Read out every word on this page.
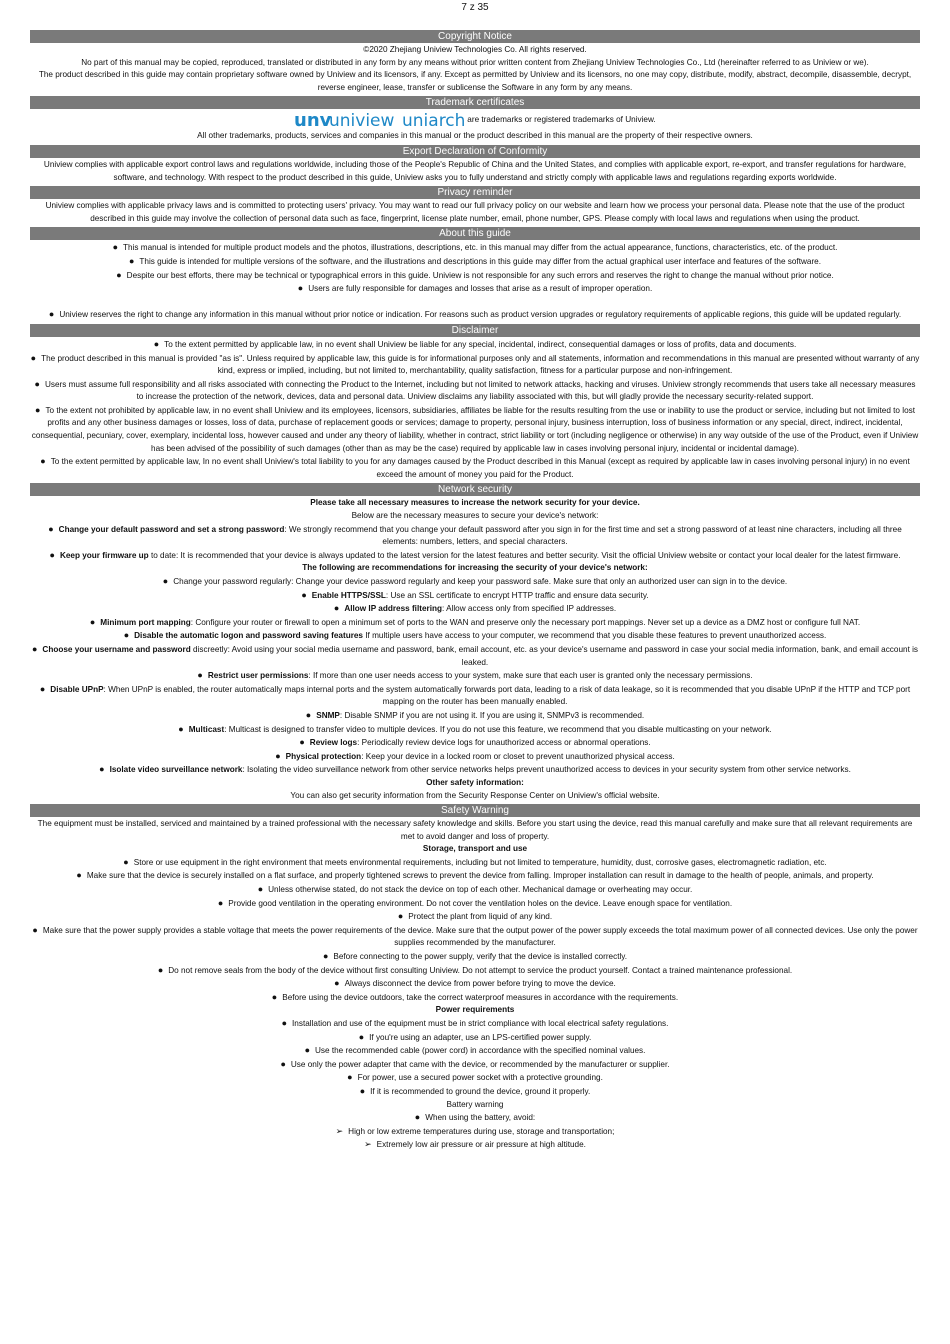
7 z 35
Copyright Notice

©2020 Zhejiang Uniview Technologies Co. All rights reserved.

No part of this manual may be copied, reproduced, translated or distributed in any form by any means without prior written content from Zhejiang Uniview Technologies Co., Ltd (hereinafter referred to as Uniview or we).

The product described in this guide may contain proprietary software owned by Uniview and its licensors, if any. Except as permitted by Uniview and its licensors, no one may copy, distribute, modify, abstract, decompile, disassemble, decrypt, reverse engineer, lease, transfer or sublicense the Software in any form by any means.

Trademark certificates

unv
uniview uniarch are trademarks or registered trademarks of Uniview.

All other trademarks, products, services and companies in this manual or the product described in this manual are the property of their respective owners.

Export Declaration of Conformity

Uniview complies with applicable export control laws and regulations worldwide, including those of the People's Republic of China and the United States, and complies with applicable export, re-export, and transfer regulations for hardware, software, and technology. With respect to the product described in this guide, Uniview asks you to fully understand and strictly comply with applicable laws and regulations regarding exports worldwide.

Privacy reminder

Uniview complies with applicable privacy laws and is committed to protecting users' privacy. You may want to read our full privacy policy on our website and learn how we process your personal data. Please note that the use of the product described in this guide may involve the collection of personal data such as face, fingerprint, license plate number, email, phone number, GPS. Please comply with local laws and regulations when using the product.

About this guide

●  This manual is intended for multiple product models and the photos, illustrations, descriptions, etc. in this manual may differ from the actual appearance, functions, characteristics, etc. of the product.

●  This guide is intended for multiple versions of the software, and the illustrations and descriptions in this guide may differ from the actual graphical user interface and features of the software.

●  Despite our best efforts, there may be technical or typographical errors in this guide. Uniview is not responsible for any such errors and reserves the right to change the manual without prior notice.

●  Users are fully responsible for damages and losses that arise as a result of improper operation.

●  Uniview reserves the right to change any information in this manual without prior notice or indication. For reasons such as product version upgrades or regulatory requirements of applicable regions, this guide will be updated regularly.

Disclaimer

●  To the extent permitted by applicable law, in no event shall Uniview be liable for any special, incidental, indirect, consequential damages or loss of profits, data and documents.

●  The product described in this manual is provided "as is". Unless required by applicable law, this guide is for informational purposes only and all statements, information and recommendations in this manual are presented without warranty of any kind, express or implied, including, but not limited to, merchantability, quality satisfaction, fitness for a particular purpose and non-infringement.

●  Users must assume full responsibility and all risks associated with connecting the Product to the Internet, including but not limited to network attacks, hacking and viruses. Uniview strongly recommends that users take all necessary measures to increase the protection of the network, devices, data and personal data. Uniview disclaims any liability associated with this, but will gladly provide the necessary security-related support.

●  To the extent not prohibited by applicable law, in no event shall Uniview and its employees, licensors, subsidiaries, affiliates be liable for the results resulting from the use or inability to use the product or service, including but not limited to lost profits and any other business damages or losses, loss of data, purchase of replacement goods or services; damage to property, personal injury, business interruption, loss of business information or any special, direct, indirect, incidental, consequential, pecuniary, cover, exemplary, incidental loss, however caused and under any theory of liability, whether in contract, strict liability or tort (including negligence or otherwise) in any way outside of the use of the Product, even if Uniview has been advised of the possibility of such damages (other than as may be the case) required by applicable law in cases involving personal injury, incidental or incidental damage).

●  To the extent permitted by applicable law, In no event shall Uniview's total liability to you for any damages caused by the Product described in this Manual (except as required by applicable law in cases involving personal injury) in no event exceed the amount of money you paid for the Product.

Network security

Please take all necessary measures to increase the network security for your device.

Below are the necessary measures to secure your device's network:

●  Change your default password and set a strong password: We strongly recommend that you change your default password after you sign in for the first time and set a strong password of at least nine characters, including all three elements: numbers, letters, and special characters.

●  Keep your firmware up to date: It is recommended that your device is always updated to the latest version for the latest features and better security. Visit the official Uniview website or contact your local dealer for the latest firmware.

The following are recommendations for increasing the security of your device's network:

●  Change your password regularly: Change your device password regularly and keep your password safe. Make sure that only an authorized user can sign in to the device.

●  Enable HTTPS/SSL: Use an SSL certificate to encrypt HTTP traffic and ensure data security.

●  Allow IP address filtering: Allow access only from specified IP addresses.

●  Minimum port mapping: Configure your router or firewall to open a minimum set of ports to the WAN and preserve only the necessary port mappings. Never set up a device as a DMZ host or configure full NAT.

●  Disable the automatic logon and password saving features If multiple users have access to your computer, we recommend that you disable these features to prevent unauthorized access.

●  Choose your username and password discreetly: Avoid using your social media username and password, bank, email account, etc. as your device's username and password in case your social media information, bank, and email account is leaked.

●  Restrict user permissions: If more than one user needs access to your system, make sure that each user is granted only the necessary permissions.

●  Disable UPnP: When UPnP is enabled, the router automatically maps internal ports and the system automatically forwards port data, leading to a risk of data leakage, so it is recommended that you disable UPnP if the HTTP and TCP port mapping on the router has been manually enabled.

●  SNMP: Disable SNMP if you are not using it. If you are using it, SNMPv3 is recommended.

●  Multicast: Multicast is designed to transfer video to multiple devices. If you do not use this feature, we recommend that you disable multicasting on your network.

●  Review logs: Periodically review device logs for unauthorized access or abnormal operations.

●  Physical protection: Keep your device in a locked room or closet to prevent unauthorized physical access.

●  Isolate video surveillance network: Isolating the video surveillance network from other service networks helps prevent unauthorized access to devices in your security system from other service networks.

Other safety information:

You can also get security information from the Security Response Center on Uniview's official website.

Safety Warning

The equipment must be installed, serviced and maintained by a trained professional with the necessary safety knowledge and skills. Before you start using the device, read this manual carefully and make sure that all relevant requirements are met to avoid danger and loss of property.

Storage, transport and use

●  Store or use equipment in the right environment that meets environmental requirements, including but not limited to temperature, humidity, dust, corrosive gases, electromagnetic radiation, etc.

●  Make sure that the device is securely installed on a flat surface, and properly tightened screws to prevent the device from falling. Improper installation can result in damage to the health of people, animals, and property.

●  Unless otherwise stated, do not stack the device on top of each other. Mechanical damage or overheating may occur.

●  Provide good ventilation in the operating environment. Do not cover the ventilation holes on the device. Leave enough space for ventilation.

●  Protect the plant from liquid of any kind.

●  Make sure that the power supply provides a stable voltage that meets the power requirements of the device. Make sure that the output power of the power supply exceeds the total maximum power of all connected devices. Use only the power supplies recommended by the manufacturer.

●  Before connecting to the power supply, verify that the device is installed correctly.

●  Do not remove seals from the body of the device without first consulting Uniview. Do not attempt to service the product yourself. Contact a trained maintenance professional.

●  Always disconnect the device from power before trying to move the device.

●  Before using the device outdoors, take the correct waterproof measures in accordance with the requirements.

Power requirements

●  Installation and use of the equipment must be in strict compliance with local electrical safety regulations.

●  If you're using an adapter, use an LPS-certified power supply.

●  Use the recommended cable (power cord) in accordance with the specified nominal values.

●  Use only the power adapter that came with the device, or recommended by the manufacturer or supplier.

●  For power, use a secured power socket with a protective grounding.

●  If it is recommended to ground the device, ground it properly.

Battery warning

●  When using the battery, avoid:

➢  High or low extreme temperatures during use, storage and transportation;

➢  Extremely low air pressure or air pressure at high altitude.
